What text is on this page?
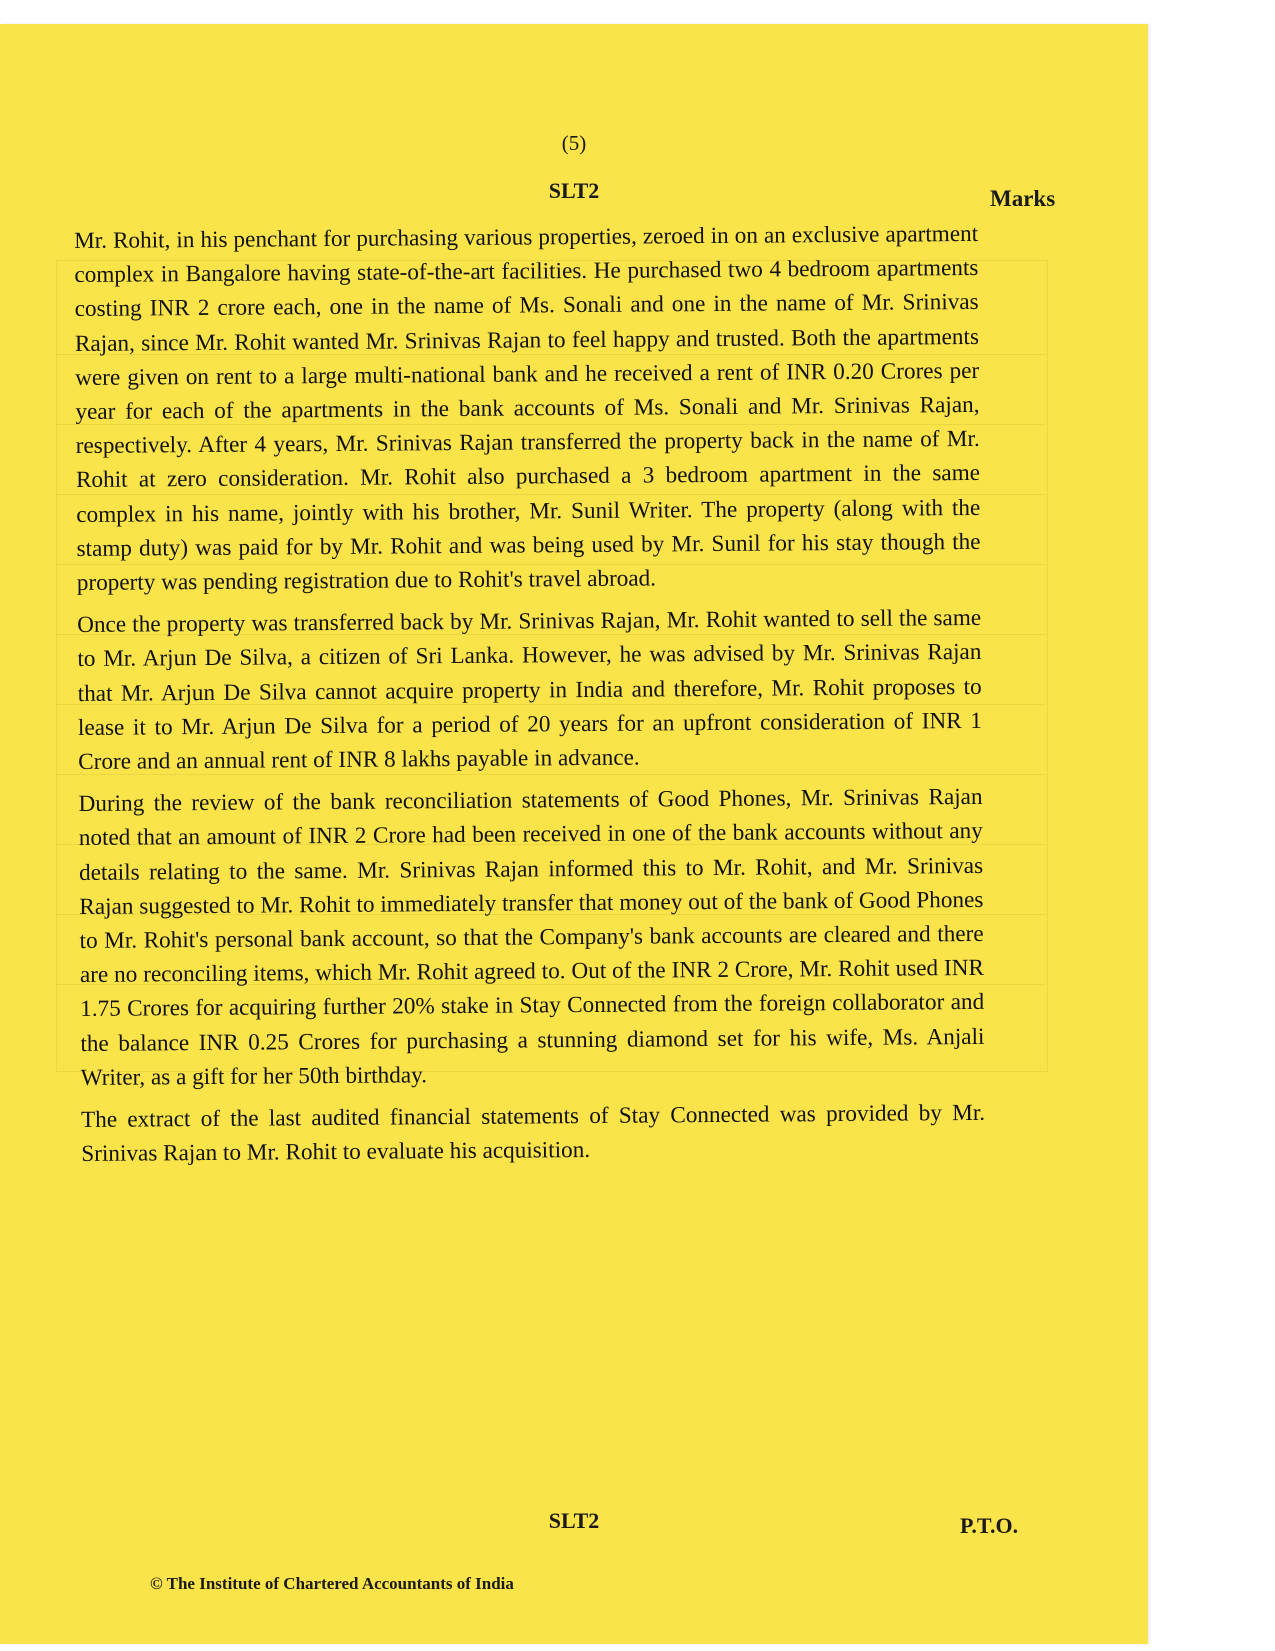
(5)
SLT2	Marks

Mr. Rohit, in his penchant for purchasing various properties, zeroed in on an exclusive apartment complex in Bangalore having state-of-the-art facilities. He purchased two 4 bedroom apartments costing INR 2 crore each, one in the name of Ms. Sonali and one in the name of Mr. Srinivas Rajan, since Mr. Rohit wanted Mr. Srinivas Rajan to feel happy and trusted. Both the apartments were given on rent to a large multi-national bank and he received a rent of INR 0.20 Crores per year for each of the apartments in the bank accounts of Ms. Sonali and Mr. Srinivas Rajan, respectively. After 4 years, Mr. Srinivas Rajan transferred the property back in the name of Mr. Rohit at zero consideration. Mr. Rohit also purchased a 3 bedroom apartment in the same complex in his name, jointly with his brother, Mr. Sunil Writer. The property (along with the stamp duty) was paid for by Mr. Rohit and was being used by Mr. Sunil for his stay though the property was pending registration due to Rohit's travel abroad.

Once the property was transferred back by Mr. Srinivas Rajan, Mr. Rohit wanted to sell the same to Mr. Arjun De Silva, a citizen of Sri Lanka. However, he was advised by Mr. Srinivas Rajan that Mr. Arjun De Silva cannot acquire property in India and therefore, Mr. Rohit proposes to lease it to Mr. Arjun De Silva for a period of 20 years for an upfront consideration of INR 1 Crore and an annual rent of INR 8 lakhs payable in advance.

During the review of the bank reconciliation statements of Good Phones, Mr. Srinivas Rajan noted that an amount of INR 2 Crore had been received in one of the bank accounts without any details relating to the same. Mr. Srinivas Rajan informed this to Mr. Rohit, and Mr. Srinivas Rajan suggested to Mr. Rohit to immediately transfer that money out of the bank of Good Phones to Mr. Rohit's personal bank account, so that the Company's bank accounts are cleared and there are no reconciling items, which Mr. Rohit agreed to. Out of the INR 2 Crore, Mr. Rohit used INR 1.75 Crores for acquiring further 20% stake in Stay Connected from the foreign collaborator and the balance INR 0.25 Crores for purchasing a stunning diamond set for his wife, Ms. Anjali Writer, as a gift for her 50th birthday.

The extract of the last audited financial statements of Stay Connected was provided by Mr. Srinivas Rajan to Mr. Rohit to evaluate his acquisition.

SLT2	P.T.O.
© The Institute of Chartered Accountants of India
